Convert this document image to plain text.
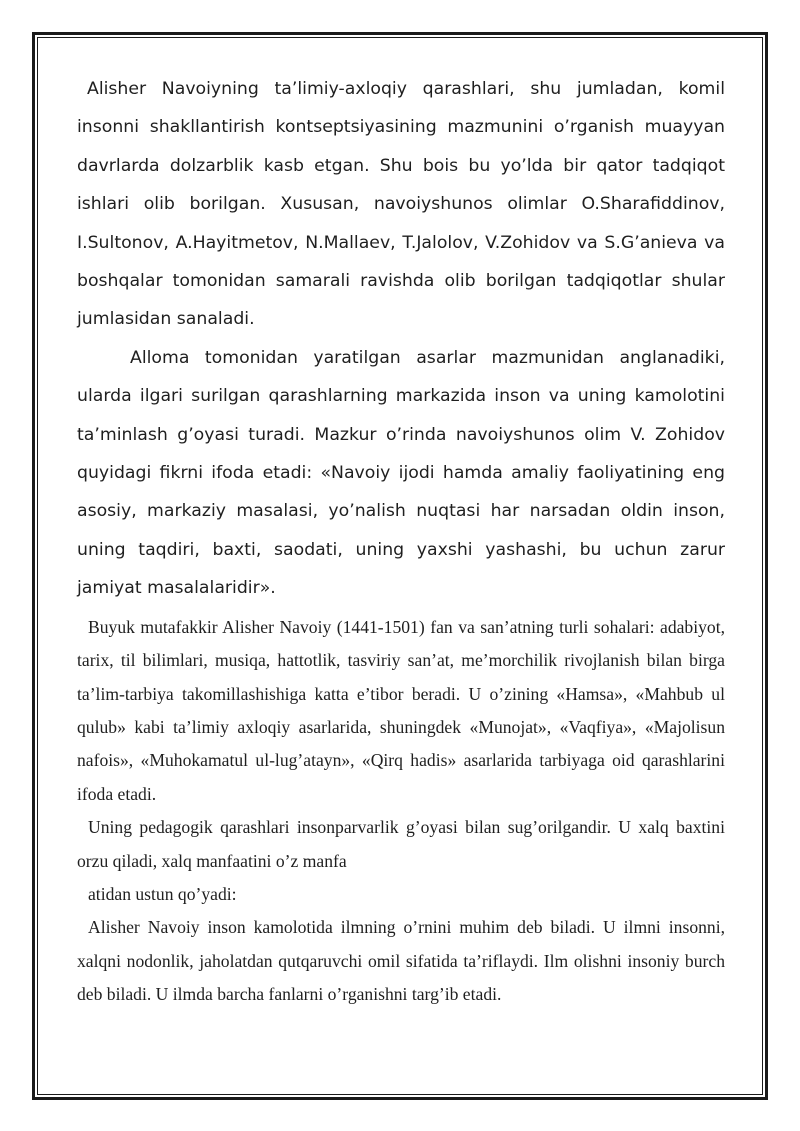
Alisher Navoiyning ta’limiy-axloqiy qarashlari, shu jumladan, komil insonni shakllantirish kontseptsiyasining mazmunini o’rganish muayyan davrlarda dolzarblik kasb etgan. Shu bois bu yo’lda bir qator tadqiqot ishlari olib borilgan. Xususan, navoiyshunos olimlar O.Sharafiddinov, I.Sultonov, A.Hayitmetov, N.Mallaev, T.Jalolov, V.Zohidov va S.G’anieva va boshqalar tomonidan samarali ravishda olib borilgan tadqiqotlar shular jumlasidan sanaladi.

Alloma tomonidan yaratilgan asarlar mazmunidan anglanadiki, ularda ilgari surilgan qarashlarning markazida inson va uning kamolotini ta’minlash g’oyasi turadi. Mazkur o’rinda navoiyshunos olim V. Zohidov quyidagi fikrni ifoda etadi: «Navoiy ijodi hamda amaliy faoliyatining eng asosiy, markaziy masalasi, yo’nalish nuqtasi har narsadan oldin inson, uning taqdiri, baxti, saodati, uning yaxshi yashashi, bu uchun zarur jamiyat masalalaridir».

Buyuk mutafakkir Alisher Navoiy (1441-1501) fan va san’atning turli sohalari: adabiyot, tarix, til bilimlari, musiqa, hattotlik, tasviriy san’at, me’morchilik rivojlanish bilan birga ta’lim-tarbiya takomillashishiga katta e’tibor beradi. U o’zining «Hamsa», «Mahbub ul qulub» kabi ta’limiy axloqiy asarlarida, shuningdek «Munojat», «Vaqfiya», «Majolisun nafois», «Muhokamatul ul-lug’atayn», «Qirq hadis» asarlarida tarbiyaga oid qarashlarini ifoda etadi.

Uning pedagogik qarashlari insonparvarlik g’oyasi bilan sug’orilgandir. U xalq baxtini orzu qiladi, xalq manfaatini o’z manfa

atidan ustun qo’yadi:

Alisher Navoiy inson kamolotida ilmning o’rnini muhim deb biladi. U ilmni insonni, xalqni nodonlik, jaholatdan qutqaruvchi omil sifatida ta’riflaydi. Ilm olishni insoniy burch deb biladi. U ilmda barcha fanlarni o’rganishni targ’ib etadi.
